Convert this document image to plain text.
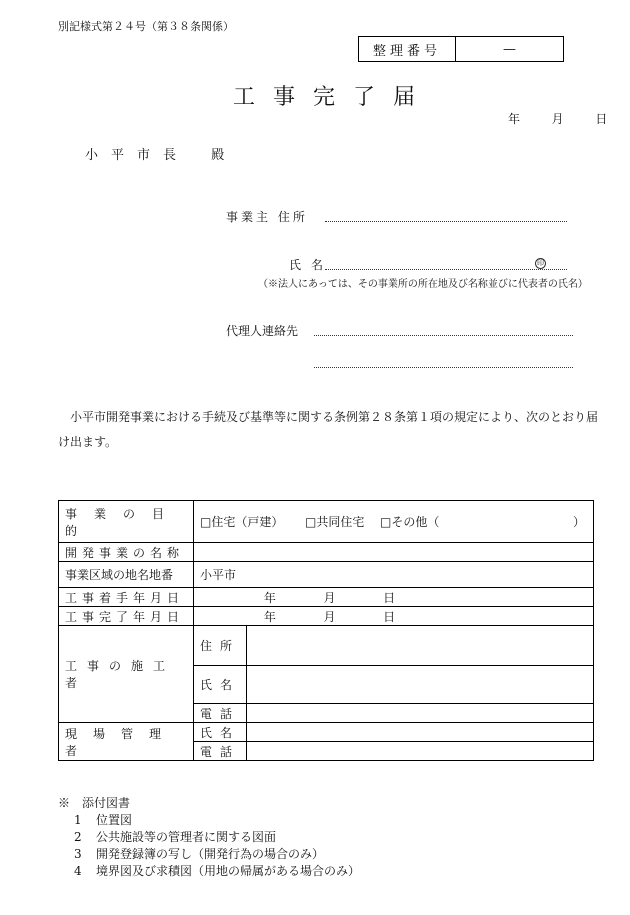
別記様式第２４号（第３８条関係）
整理番号	—
工事完了届
年	月	日
小平市長 殿
事業主 住所
氏名	印
（※法人にあっては、その事業所の所在地及び名称並びに代表者の氏名）
代理人連絡先
小平市開発事業における手続及び基準等に関する条例第２８条第１項の規定により、次のとおり届け出ます。
事業の目的	□住宅（戸建） □共同住宅 □その他（ ）	
開発事業の名称		
事業区域の地名地番	小平市	
工事着手年月日	年 月 日	
工事完了年月日	年 月 日	
工事の施工者	住所	
	氏名	
	電話	
現場管理者	氏名	
	電話	
※　添付図書
1 位置図
2 公共施設等の管理者に関する図面
3 開発登録簿の写し（開発行為の場合のみ）
4 境界図及び求積図（用地の帰属がある場合のみ）
